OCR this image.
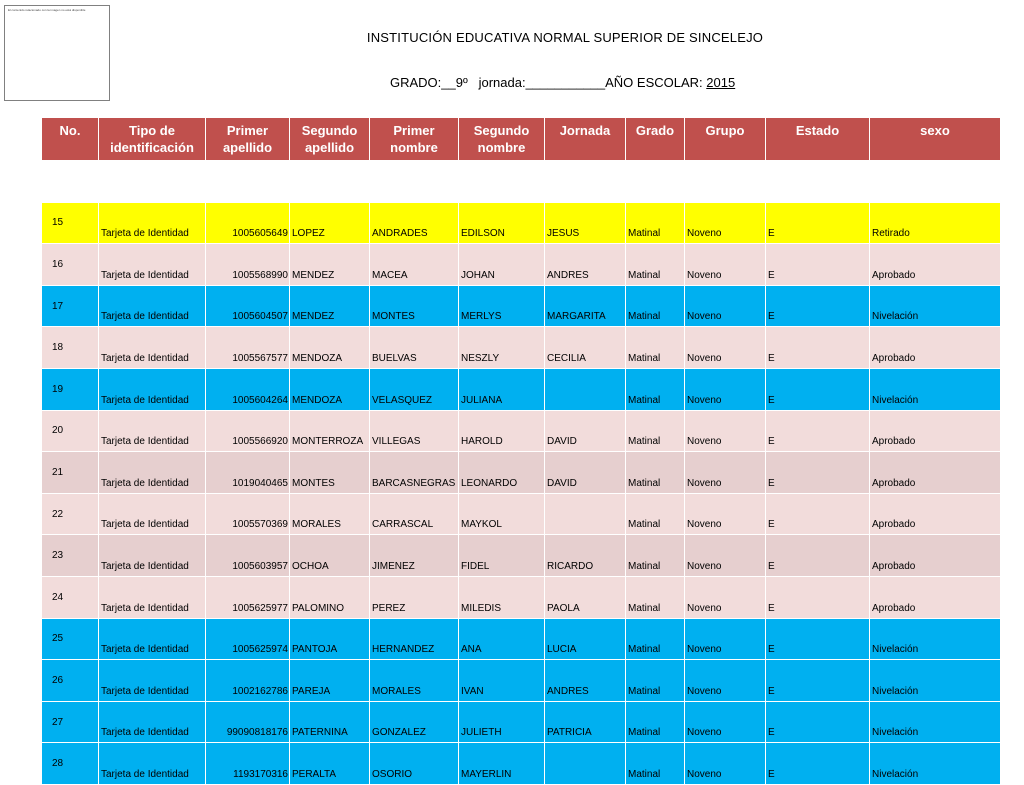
El contenido relacionado con la imagen no está disponible
INSTITUCIÓN EDUCATIVA NORMAL SUPERIOR DE SINCELEJO
GRADO:__9º jornada:___________AÑO ESCOLAR: 2015
No.	Tipo de identificación	Primer apellido	Segundo apellido	Primer nombre	Segundo nombre	Jornada	Grado	Grupo	Estado	sexo

15	Tarjeta de Identidad	1005605649	LOPEZ	ANDRADES	EDILSON	JESUS	Matinal	Noveno	E	Retirado
16	Tarjeta de Identidad	1005568990	MENDEZ	MACEA	JOHAN	ANDRES	Matinal	Noveno	E	Aprobado
17	Tarjeta de Identidad	1005604507	MENDEZ	MONTES	MERLYS	MARGARITA	Matinal	Noveno	E	Nivelación
18	Tarjeta de Identidad	1005567577	MENDOZA	BUELVAS	NESZLY	CECILIA	Matinal	Noveno	E	Aprobado
19	Tarjeta de Identidad	1005604264	MENDOZA	VELASQUEZ	JULIANA		Matinal	Noveno	E	Nivelación
20	Tarjeta de Identidad	1005566920	MONTERROZA	VILLEGAS	HAROLD	DAVID	Matinal	Noveno	E	Aprobado
21	Tarjeta de Identidad	1019040465	MONTES	BARCASNEGRAS	LEONARDO	DAVID	Matinal	Noveno	E	Aprobado
22	Tarjeta de Identidad	1005570369	MORALES	CARRASCAL	MAYKOL		Matinal	Noveno	E	Aprobado
23	Tarjeta de Identidad	1005603957	OCHOA	JIMENEZ	FIDEL	RICARDO	Matinal	Noveno	E	Aprobado
24	Tarjeta de Identidad	1005625977	PALOMINO	PEREZ	MILEDIS	PAOLA	Matinal	Noveno	E	Aprobado
25	Tarjeta de Identidad	1005625974	PANTOJA	HERNANDEZ	ANA	LUCIA	Matinal	Noveno	E	Nivelación
26	Tarjeta de Identidad	1002162786	PAREJA	MORALES	IVAN	ANDRES	Matinal	Noveno	E	Nivelación
27	Tarjeta de Identidad	99090818176	PATERNINA	GONZALEZ	JULIETH	PATRICIA	Matinal	Noveno	E	Nivelación
28	Tarjeta de Identidad	1193170316	PERALTA	OSORIO	MAYERLIN		Matinal	Noveno	E	Nivelación
